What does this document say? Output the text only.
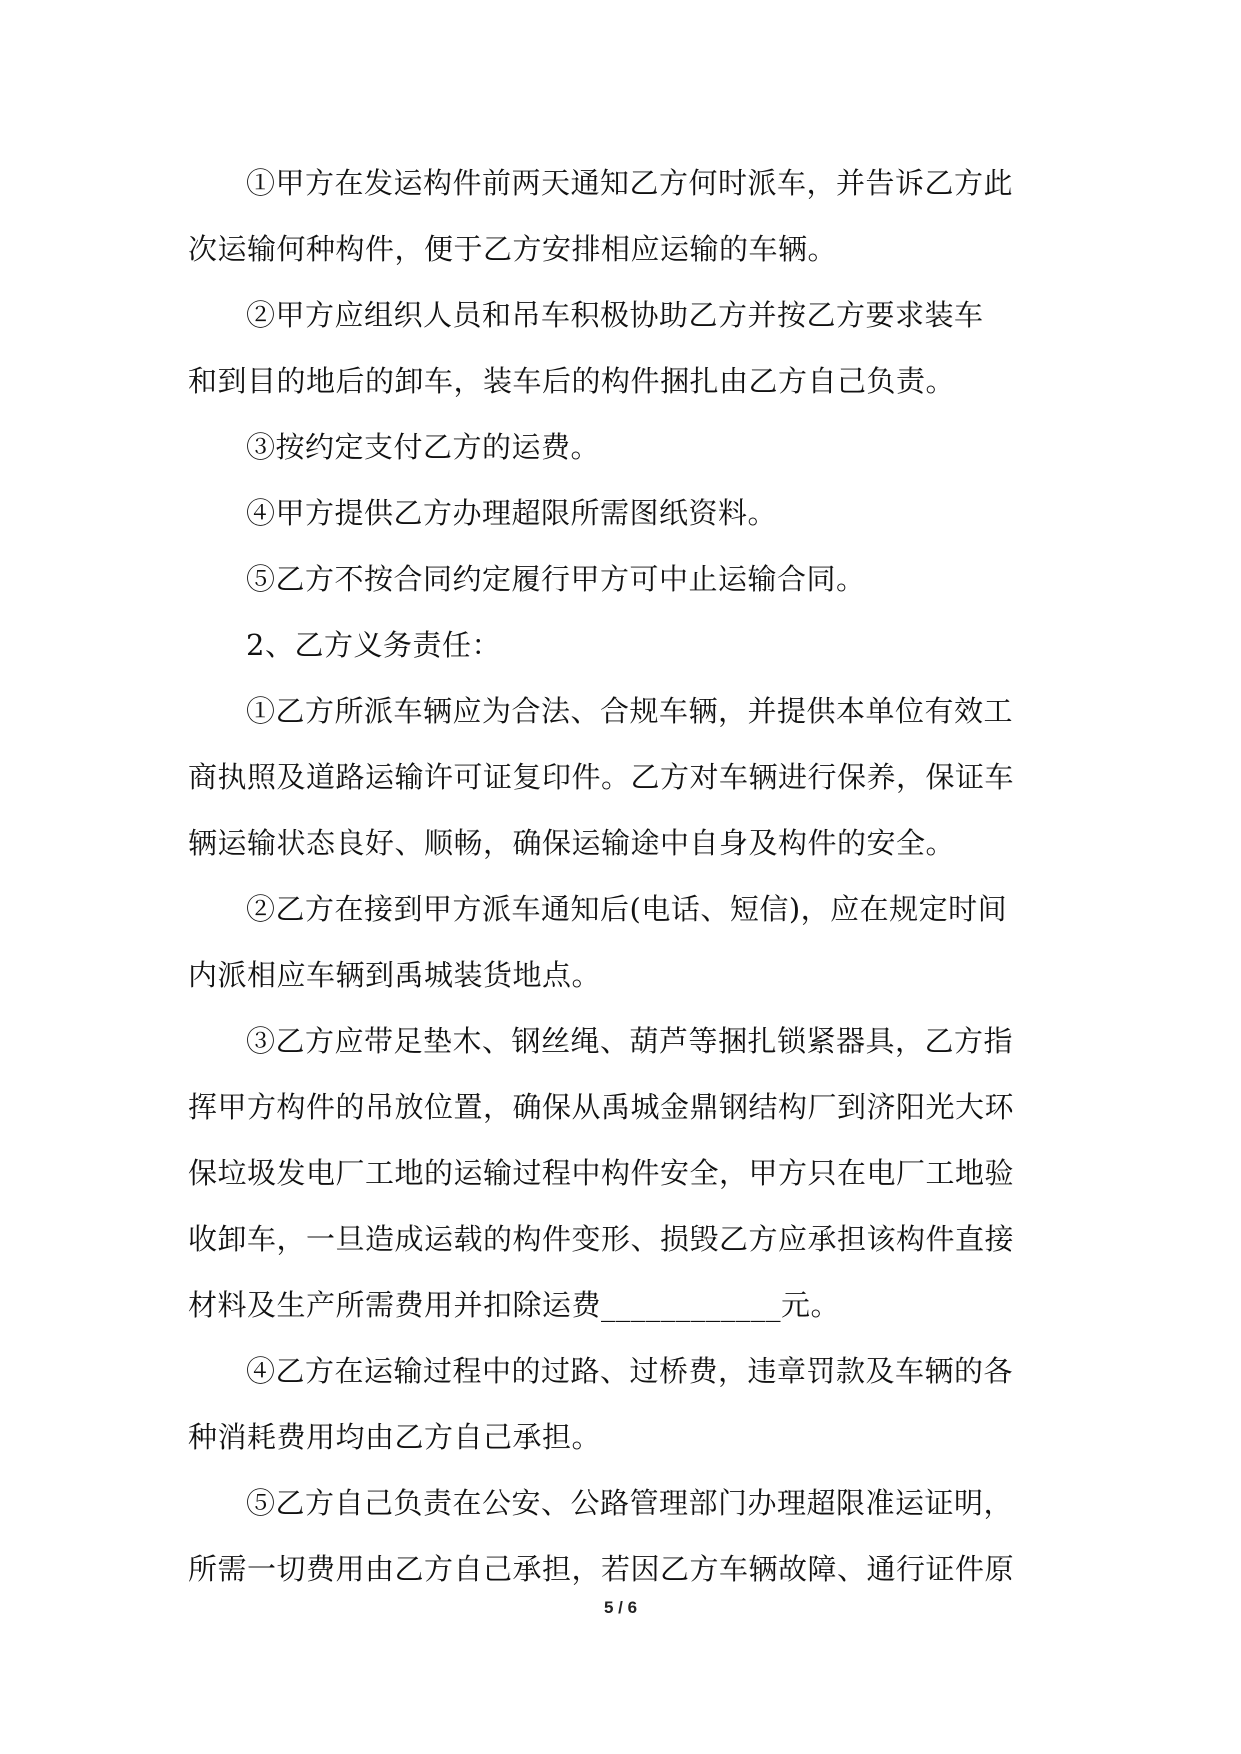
①甲方在发运构件前两天通知乙方何时派车，并告诉乙方此
次运输何种构件，便于乙方安排相应运输的车辆。
②甲方应组织人员和吊车积极协助乙方并按乙方要求装车
和到目的地后的卸车，装车后的构件捆扎由乙方自己负责。
③按约定支付乙方的运费。
④甲方提供乙方办理超限所需图纸资料。
⑤乙方不按合同约定履行甲方可中止运输合同。
2、乙方义务责任：
①乙方所派车辆应为合法、合规车辆，并提供本单位有效工
商执照及道路运输许可证复印件。乙方对车辆进行保养，保证车
辆运输状态良好、顺畅，确保运输途中自身及构件的安全。
②乙方在接到甲方派车通知后(电话、短信)，应在规定时间
内派相应车辆到禹城装货地点。
③乙方应带足垫木、钢丝绳、葫芦等捆扎锁紧器具，乙方指
挥甲方构件的吊放位置，确保从禹城金鼎钢结构厂到济阳光大环
保垃圾发电厂工地的运输过程中构件安全，甲方只在电厂工地验
收卸车，一旦造成运载的构件变形、损毁乙方应承担该构件直接
材料及生产所需费用并扣除运费____________元。
④乙方在运输过程中的过路、过桥费，违章罚款及车辆的各
种消耗费用均由乙方自己承担。
⑤乙方自己负责在公安、公路管理部门办理超限准运证明，
所需一切费用由乙方自己承担，若因乙方车辆故障、通行证件原
5 / 6
